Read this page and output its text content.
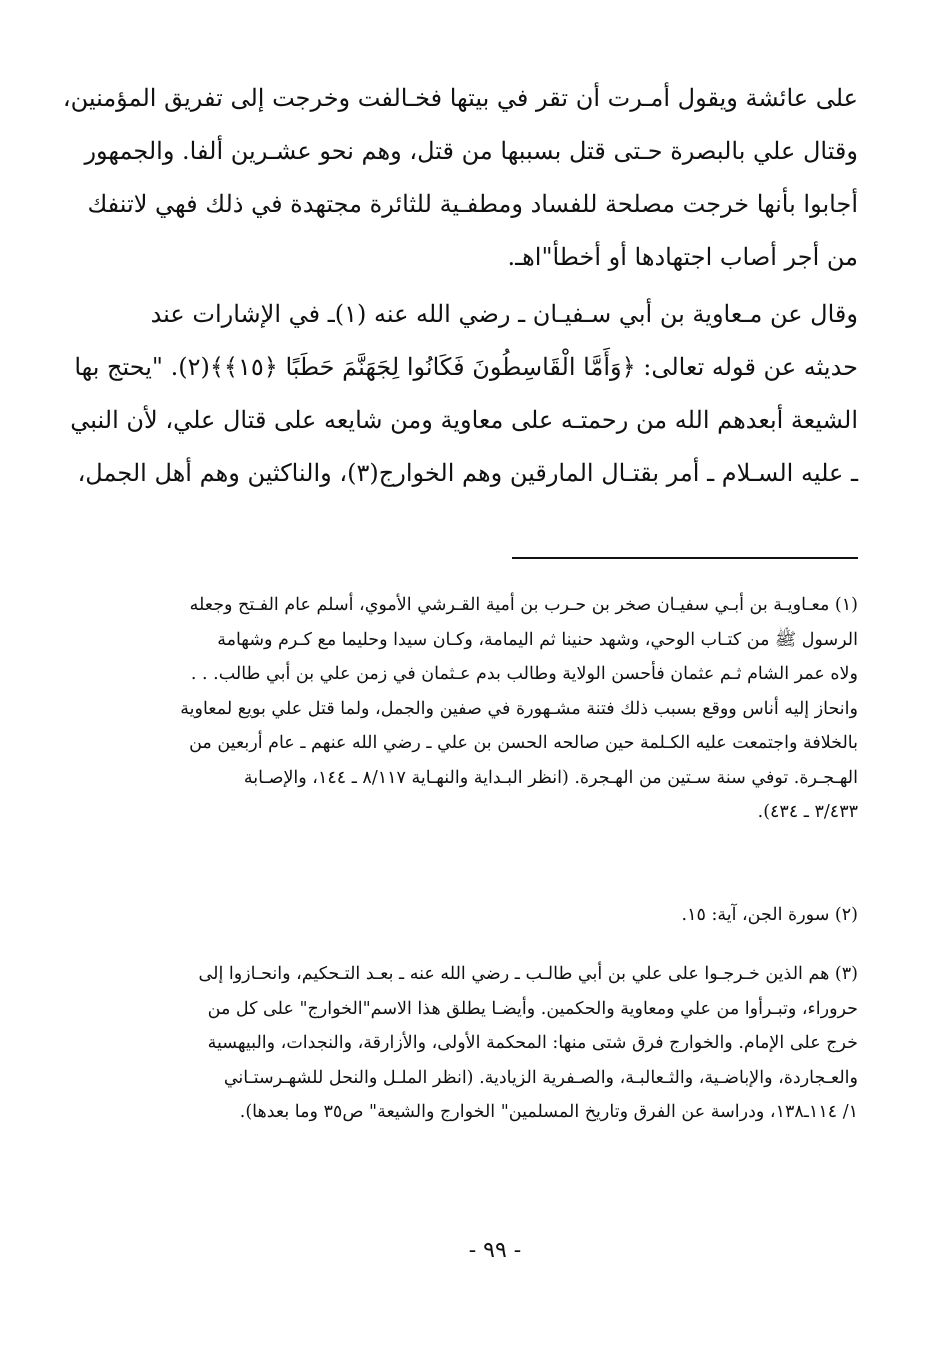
على عائشة ويقول أمـرت أن تقر في بيتها فخـالفت وخرجت إلى تفريق المؤمنين،
وقتال علي بالبصرة حـتى قتل بسببها من قتل، وهم نحو عشـرين ألفا. والجمهور
أجابوا بأنها خرجت مصلحة للفساد ومطفـية للثائرة مجتهدة في ذلك فهي لاتنفك
من أجر أصاب اجتهادها أو أخطأ"اهـ.
وقال عن مـعاوية بن أبي سـفيـان ـ رضي الله عنه (١)ـ في الإشارات عند
حديثه عن قوله تعالى: ﴿وَأَمَّا الْقَاسِطُونَ فَكَانُوا لِجَهَنَّمَ حَطَبًا ﴿١٥﴾﴾(٢). "يحتج بها
الشيعة أبعدهم الله من رحمتـه على معاوية ومن شايعه على قتال علي، لأن النبي
ـ عليه السـلام ـ أمر بقتـال المارقين وهم الخوارج(٣)، والناكثين وهم أهل الجمل،
(١) معـاويـة بن أبـي سفيـان صخر بن حـرب بن أمية القـرشي الأموي، أسلم عام الفـتح وجعله
الرسول ﷺ من كتـاب الوحي، وشهد حنينا ثم اليمامة، وكـان سيدا وحليما مع كـرم وشهامة
ولاه عمر الشام ثـم عثمان فأحسن الولاية وطالب بدم عـثمان في زمن علي بن أبي طالب. . .
وانحاز إليه أناس ووقع بسبب ذلك فتنة مشـهورة في صفين والجمل، ولما قتل علي بويع لمعاوية
بالخلافة واجتمعت عليه الكـلمة حين صالحه الحسن بن علي ـ رضي الله عنهم ـ عام أربعين من
الهـجـرة. توفي سنة سـتين من الهـجرة. (انظر البـداية والنهـاية ٨/١١٧ ـ ١٤٤، والإصـابة
٣/٤٣٣ ـ ٤٣٤).
(٢) سورة الجن، آية: ١٥.
(٣) هم الذين خـرجـوا على علي بن أبي طالـب ـ رضي الله عنه ـ بعـد التـحكيم، وانحـازوا إلى
حروراء، وتبـرأوا من علي ومعاوية والحكمين. وأيضـا يطلق هذا الاسم"الخوارج" على كل من
خرج على الإمام. والخوارج فرق شتى منها: المحكمة الأولى، والأزارقة، والنجدات، والبيهسية
والعـجاردة، والإباضـية، والثـعالبـة، والصـفرية الزيادية. (انظر الملـل والنحل للشهـرستـاني
١/ ١١٤ـ١٣٨، ودراسة عن الفرق وتاريخ المسلمين" الخوارج والشيعة" ص٣٥ وما بعدها).
- ٩٩ -
